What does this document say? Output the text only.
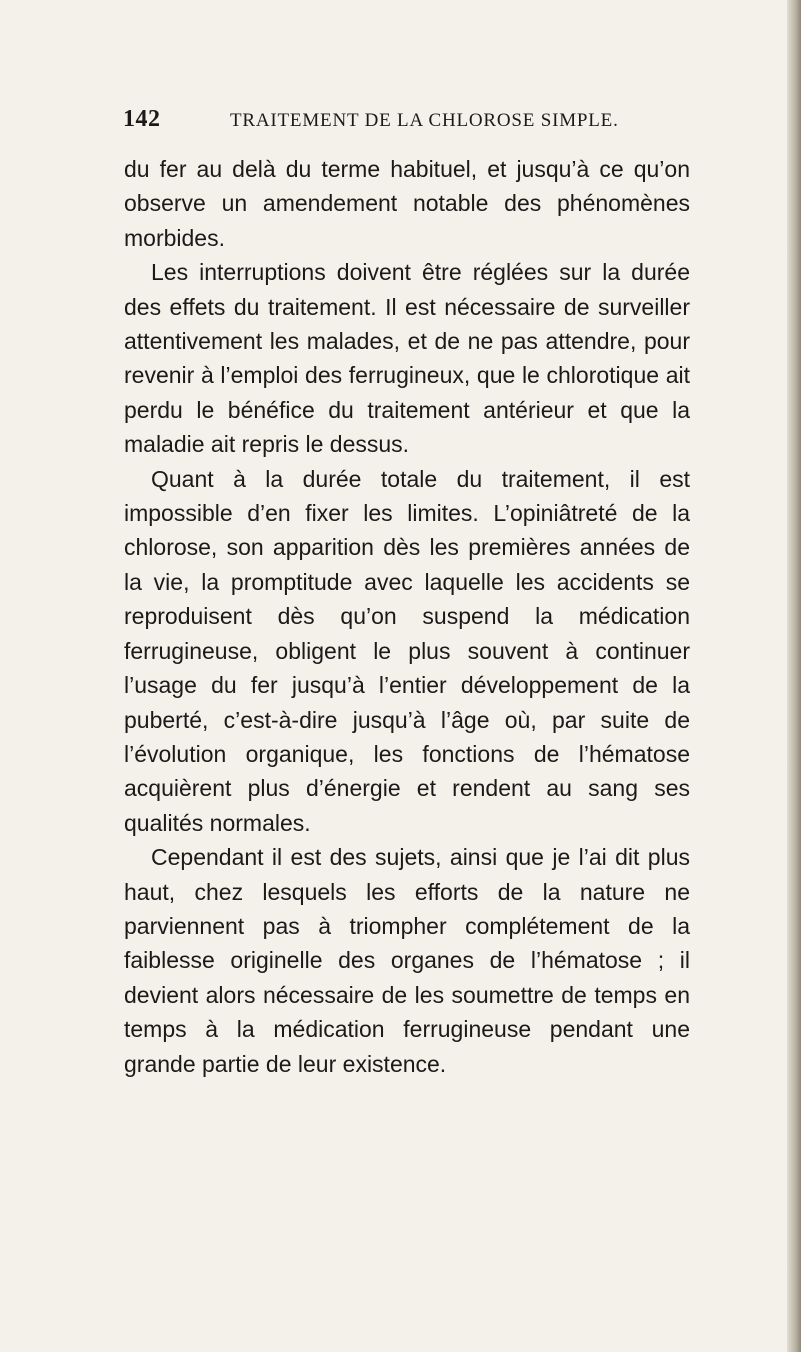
142	TRAITEMENT DE LA CHLOROSE SIMPLE.

du fer au delà du terme habituel, et jusqu’à ce qu’on observe un amendement notable des phénomènes morbides.

Les interruptions doivent être réglées sur la durée des effets du traitement. Il est nécessaire de surveiller attentivement les malades, et de ne pas attendre, pour revenir à l’emploi des ferrugineux, que le chlorotique ait perdu le bénéfice du traitement antérieur et que la maladie ait repris le dessus.

Quant à la durée totale du traitement, il est impossible d’en fixer les limites. L’opiniâtreté de la chlorose, son apparition dès les premières années de la vie, la promptitude avec laquelle les accidents se reproduisent dès qu’on suspend la médication ferrugineuse, obligent le plus souvent à continuer l’usage du fer jusqu’à l’entier développement de la puberté, c’est-à-dire jusqu’à l’âge où, par suite de l’évolution organique, les fonctions de l’hématose acquièrent plus d’énergie et rendent au sang ses qualités normales.

Cependant il est des sujets, ainsi que je l’ai dit plus haut, chez lesquels les efforts de la nature ne parviennent pas à triompher complétement de la faiblesse originelle des organes de l’hématose ; il devient alors nécessaire de les soumettre de temps en temps à la médication ferrugineuse pendant une grande partie de leur existence.
